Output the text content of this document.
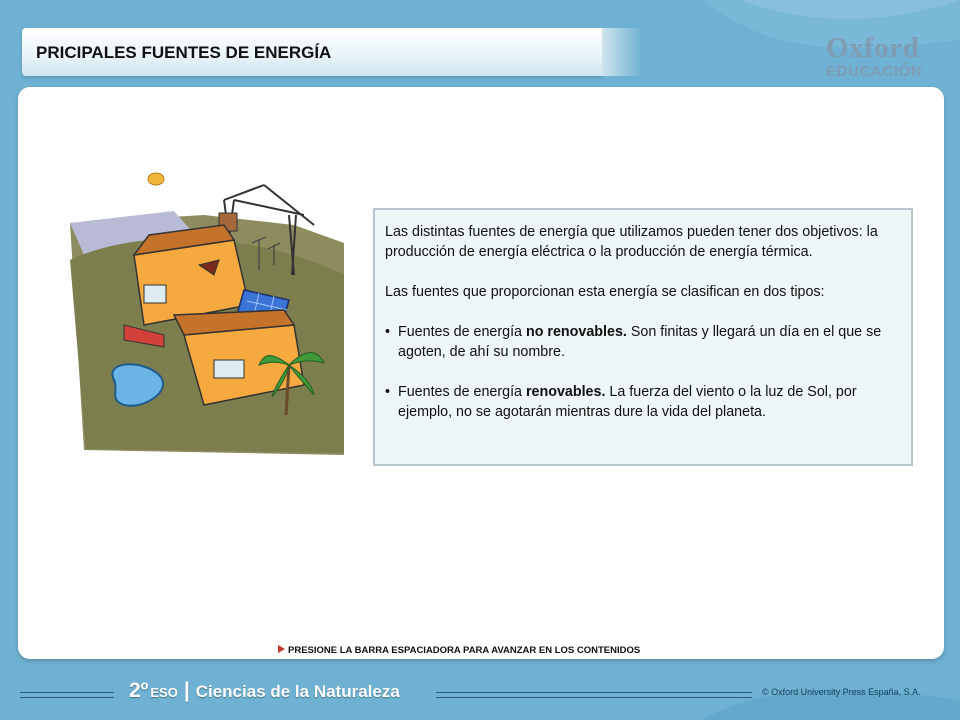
PRICIPALES FUENTES DE ENERGÍA	Oxford
EDUCACIÓN

Las distintas fuentes de energía que utilizamos pueden tener dos objetivos: la producción de energía eléctrica o la producción de energía térmica.

Las fuentes que proporcionan esta energía se clasifican en dos tipos:

• Fuentes de energía no renovables. Son finitas y llegará un día en el que se agoten, de ahí su nombre.

• Fuentes de energía renovables. La fuerza del viento o la luz de Sol, por ejemplo, no se agotarán mientras dure la vida del planeta.

PRESIONE LA BARRA ESPACIADORA PARA AVANZAR EN LOS CONTENIDOS
2º ESO | Ciencias de la Naturaleza	© Oxford University Press España, S.A.
